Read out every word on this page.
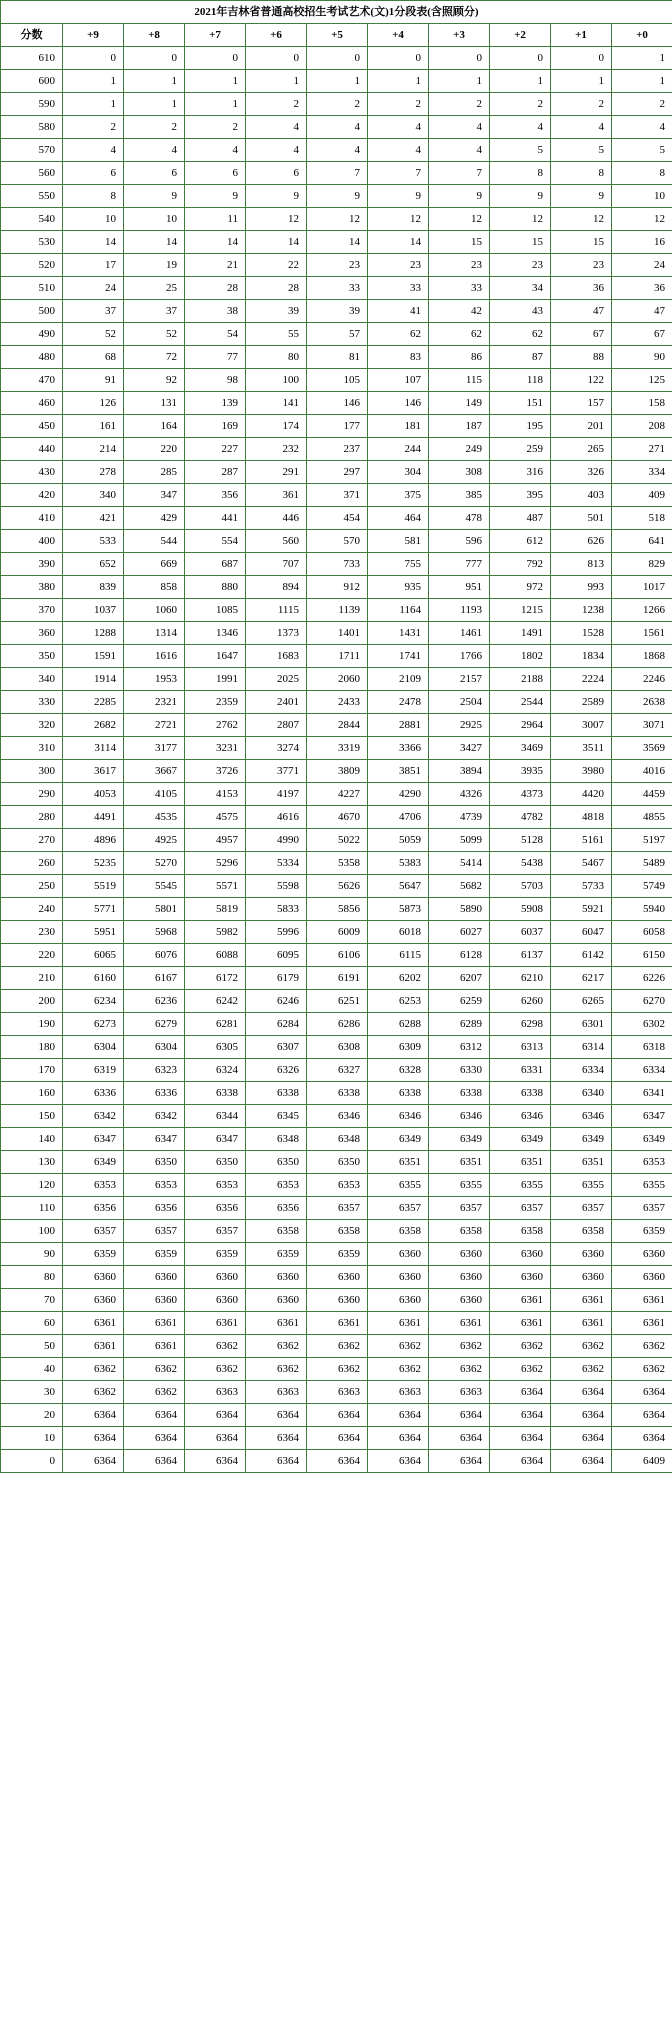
2021年吉林省普通高校招生考试艺术(文)1分段表(含照顾分)										
分数	+9	+8	+7	+6	+5	+4	+3	+2	+1	+0
610	0	0	0	0	0	0	0	0	0	1
600	1	1	1	1	1	1	1	1	1	1
590	1	1	1	2	2	2	2	2	2	2
580	2	2	2	4	4	4	4	4	4	4
570	4	4	4	4	4	4	4	5	5	5
560	6	6	6	6	7	7	7	8	8	8
550	8	9	9	9	9	9	9	9	9	10
540	10	10	11	12	12	12	12	12	12	12
530	14	14	14	14	14	14	15	15	15	16
520	17	19	21	22	23	23	23	23	23	24
510	24	25	28	28	33	33	33	34	36	36
500	37	37	38	39	39	41	42	43	47	47
490	52	52	54	55	57	62	62	62	67	67
480	68	72	77	80	81	83	86	87	88	90
470	91	92	98	100	105	107	115	118	122	125
460	126	131	139	141	146	146	149	151	157	158
450	161	164	169	174	177	181	187	195	201	208
440	214	220	227	232	237	244	249	259	265	271
430	278	285	287	291	297	304	308	316	326	334
420	340	347	356	361	371	375	385	395	403	409
410	421	429	441	446	454	464	478	487	501	518
400	533	544	554	560	570	581	596	612	626	641
390	652	669	687	707	733	755	777	792	813	829
380	839	858	880	894	912	935	951	972	993	1017
370	1037	1060	1085	1115	1139	1164	1193	1215	1238	1266
360	1288	1314	1346	1373	1401	1431	1461	1491	1528	1561
350	1591	1616	1647	1683	1711	1741	1766	1802	1834	1868
340	1914	1953	1991	2025	2060	2109	2157	2188	2224	2246
330	2285	2321	2359	2401	2433	2478	2504	2544	2589	2638
320	2682	2721	2762	2807	2844	2881	2925	2964	3007	3071
310	3114	3177	3231	3274	3319	3366	3427	3469	3511	3569
300	3617	3667	3726	3771	3809	3851	3894	3935	3980	4016
290	4053	4105	4153	4197	4227	4290	4326	4373	4420	4459
280	4491	4535	4575	4616	4670	4706	4739	4782	4818	4855
270	4896	4925	4957	4990	5022	5059	5099	5128	5161	5197
260	5235	5270	5296	5334	5358	5383	5414	5438	5467	5489
250	5519	5545	5571	5598	5626	5647	5682	5703	5733	5749
240	5771	5801	5819	5833	5856	5873	5890	5908	5921	5940
230	5951	5968	5982	5996	6009	6018	6027	6037	6047	6058
220	6065	6076	6088	6095	6106	6115	6128	6137	6142	6150
210	6160	6167	6172	6179	6191	6202	6207	6210	6217	6226
200	6234	6236	6242	6246	6251	6253	6259	6260	6265	6270
190	6273	6279	6281	6284	6286	6288	6289	6298	6301	6302
180	6304	6304	6305	6307	6308	6309	6312	6313	6314	6318
170	6319	6323	6324	6326	6327	6328	6330	6331	6334	6334
160	6336	6336	6338	6338	6338	6338	6338	6338	6340	6341
150	6342	6342	6344	6345	6346	6346	6346	6346	6346	6347
140	6347	6347	6347	6348	6348	6349	6349	6349	6349	6349
130	6349	6350	6350	6350	6350	6351	6351	6351	6351	6353
120	6353	6353	6353	6353	6353	6355	6355	6355	6355	6355
110	6356	6356	6356	6356	6357	6357	6357	6357	6357	6357
100	6357	6357	6357	6358	6358	6358	6358	6358	6358	6359
90	6359	6359	6359	6359	6359	6360	6360	6360	6360	6360
80	6360	6360	6360	6360	6360	6360	6360	6360	6360	6360
70	6360	6360	6360	6360	6360	6360	6360	6361	6361	6361
60	6361	6361	6361	6361	6361	6361	6361	6361	6361	6361
50	6361	6361	6362	6362	6362	6362	6362	6362	6362	6362
40	6362	6362	6362	6362	6362	6362	6362	6362	6362	6362
30	6362	6362	6363	6363	6363	6363	6363	6364	6364	6364
20	6364	6364	6364	6364	6364	6364	6364	6364	6364	6364
10	6364	6364	6364	6364	6364	6364	6364	6364	6364	6364
0	6364	6364	6364	6364	6364	6364	6364	6364	6364	6409
